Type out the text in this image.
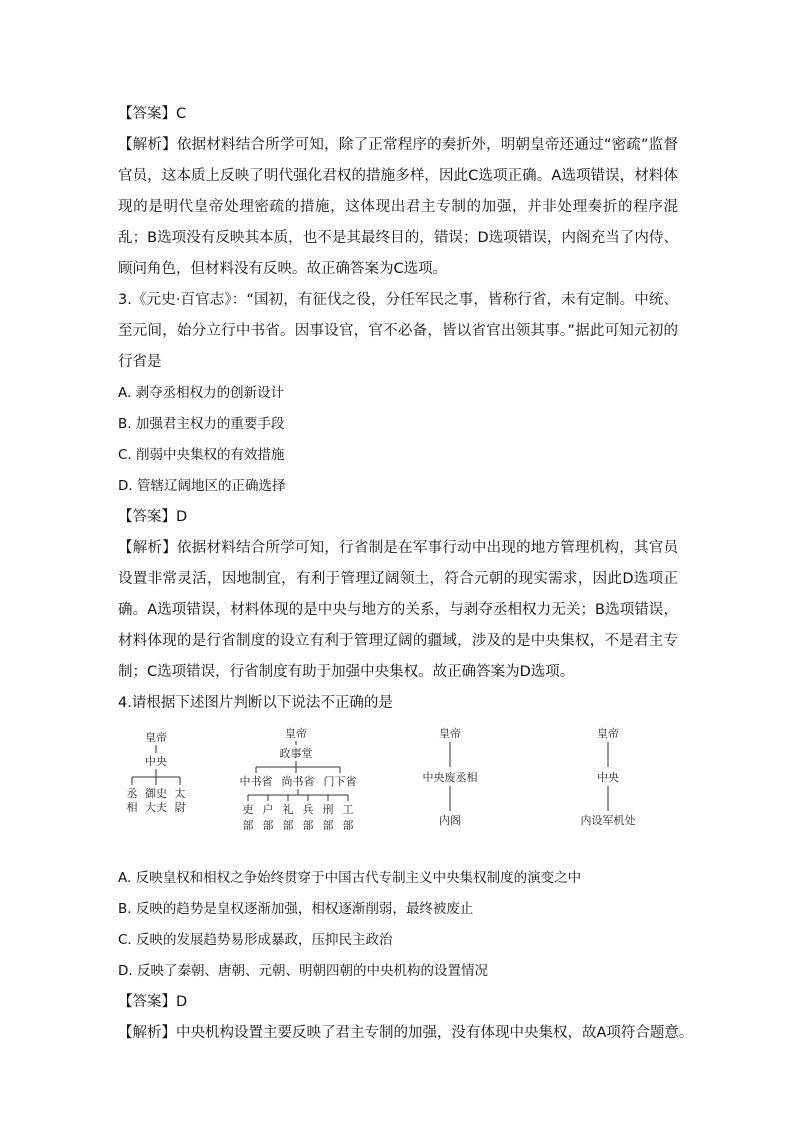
【答案】C
【解析】依据材料结合所学可知，除了正常程序的奏折外，明朝皇帝还通过“密疏”监督官员，这本质上反映了明代强化君权的措施多样，因此C选项正确。A选项错误，材料体现的是明代皇帝处理密疏的措施，这体现出君主专制的加强，并非处理奏折的程序混乱；B选项没有反映其本质，也不是其最终目的，错误；D选项错误，内阁充当了内侍、顾问角色，但材料没有反映。故正确答案为C选项。
3.《元史·百官志》：“国初，有征伐之役，分任军民之事，皆称行省，未有定制。中统、至元间，始分立行中书省。因事设官，官不必备，皆以省官出领其事。”据此可知元初的行省是
A. 剥夺丞相权力的创新设计
B. 加强君主权力的重要手段
C. 削弱中央集权的有效措施
D. 管辖辽阔地区的正确选择
【答案】D
【解析】依据材料结合所学可知，行省制是在军事行动中出现的地方管理机构，其官员设置非常灵活，因地制宜，有利于管理辽阔领土，符合元朝的现实需求，因此D选项正确。A选项错误，材料体现的是中央与地方的关系，与剥夺丞相权力无关；B选项错误，材料体现的是行省制度的设立有利于管理辽阔的疆域，涉及的是中央集权，不是君主专制；C选项错误，行省制度有助于加强中央集权。故正确答案为D选项。
4.请根据下述图片判断以下说法不正确的是
皇帝
中央
丞相
御史大夫
太尉
皇帝
政事堂
中书省 尚书省 门下省
吏部
户部
礼部
兵部
刑部
工部
皇帝
中央废丞相
内阁
皇帝
中央
内设军机处
A. 反映皇权和相权之争始终贯穿于中国古代专制主义中央集权制度的演变之中
B. 反映的趋势是皇权逐渐加强，相权逐渐削弱，最终被废止
C. 反映的发展趋势易形成暴政，压抑民主政治
D. 反映了秦朝、唐朝、元朝、明朝四朝的中央机构的设置情况
【答案】D
【解析】中央机构设置主要反映了君主专制的加强，没有体现中央集权，故A项符合题意。
